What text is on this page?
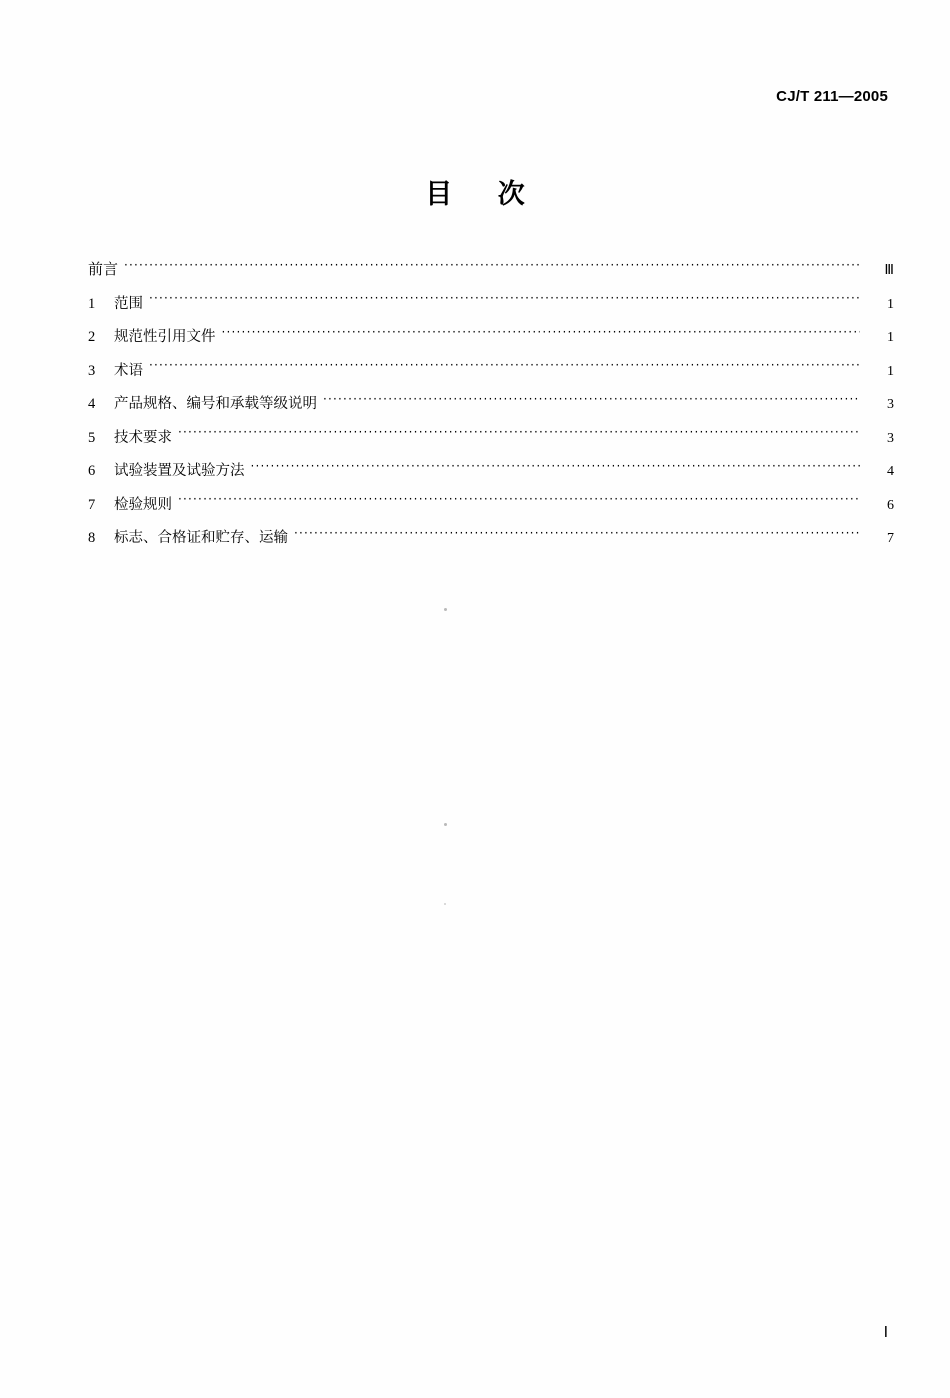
CJ/T 211—2005
目 次
前言 ·····	Ⅲ
1	范围 ·····	1
2	规范性引用文件 ·····	1
3	术语 ·····	1
4	产品规格、编号和承载等级说明 ·····	3
5	技术要求 ·····	3
6	试验装置及试验方法 ·····	4
7	检验规则 ·····	6
8	标志、合格证和贮存、运输 ·····	7
Ⅰ
